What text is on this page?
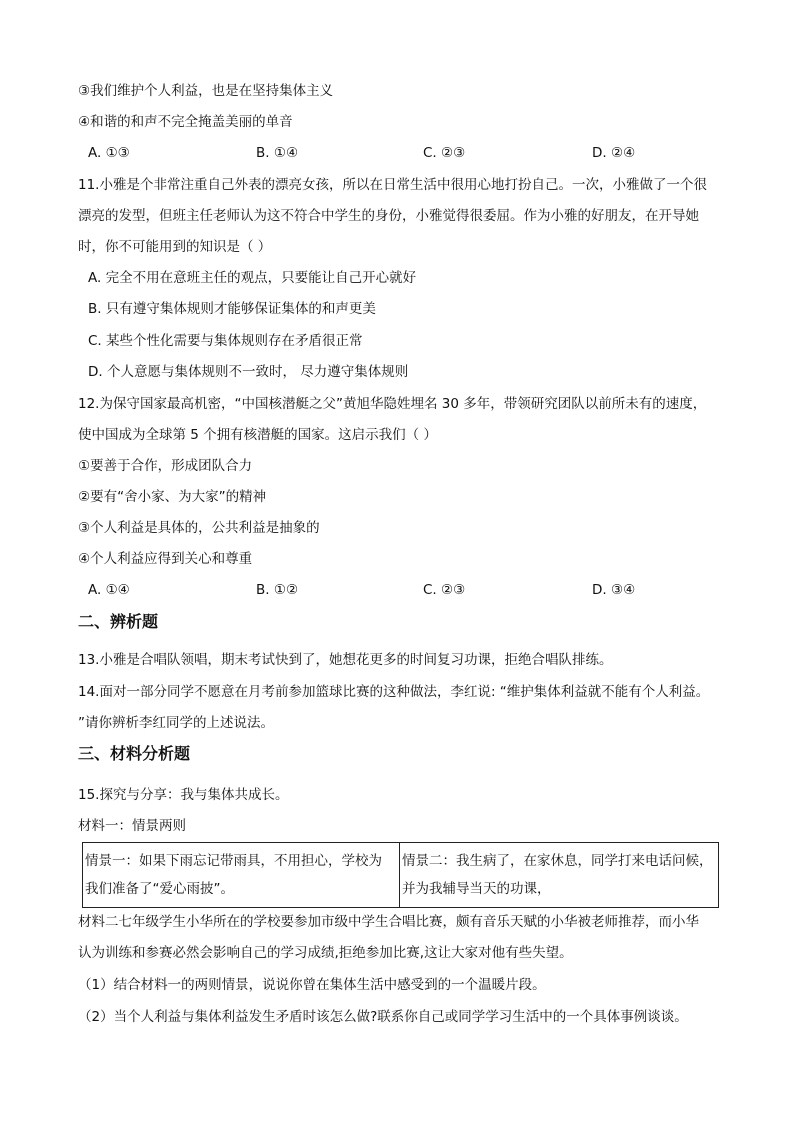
③我们维护个人利益，也是在坚持集体主义
④和谐的和声不完全掩盖美丽的单音
A. ①③	B. ①④	C. ②③	D. ②④
11.小雅是个非常注重自己外表的漂亮女孩，所以在日常生活中很用心地打扮自己。一次，小雅做了一个很
漂亮的发型，但班主任老师认为这不符合中学生的身份，小雅觉得很委屈。作为小雅的好朋友，在开导她
时，你不可能用到的知识是（ ）
A. 完全不用在意班主任的观点，只要能让自己开心就好
B. 只有遵守集体规则才能够保证集体的和声更美
C. 某些个性化需要与集体规则存在矛盾很正常
D. 个人意愿与集体规则不一致时， 尽力遵守集体规则
12.为保守国家最高机密，“中国核潜艇之父”黄旭华隐姓埋名 30 多年，带领研究团队以前所未有的速度，
使中国成为全球第 5 个拥有核潜艇的国家。这启示我们（ ）
①要善于合作，形成团队合力
②要有“舍小家、为大家”的精神
③个人利益是具体的，公共利益是抽象的
④个人利益应得到关心和尊重
A. ①④	B. ①②	C. ②③	D. ③④
二、辨析题
13.小雅是合唱队领唱，期末考试快到了，她想花更多的时间复习功课，拒绝合唱队排练。
14.面对一部分同学不愿意在月考前参加篮球比赛的这种做法，李红说: “维护集体利益就不能有个人利益。
”请你辨析李红同学的上述说法。
三、材料分析题
15.探究与分享：我与集体共成长。
材料一：情景两则
情景一：如果下雨忘记带雨具，不用担心，学校为
我们准备了“爱心雨披”。

情景二：我生病了，在家休息，同学打来电话问候，
并为我辅导当天的功课，
材料二七年级学生小华所在的学校要参加市级中学生合唱比赛，颇有音乐天赋的小华被老师推荐，而小华
认为训练和参赛必然会影响自己的学习成绩,拒绝参加比赛,这让大家对他有些失望。
（1）结合材料一的两则情景，说说你曾在集体生活中感受到的一个温暖片段。
（2）当个人利益与集体利益发生矛盾时该怎么做?联系你自己或同学学习生活中的一个具体事例谈谈。
